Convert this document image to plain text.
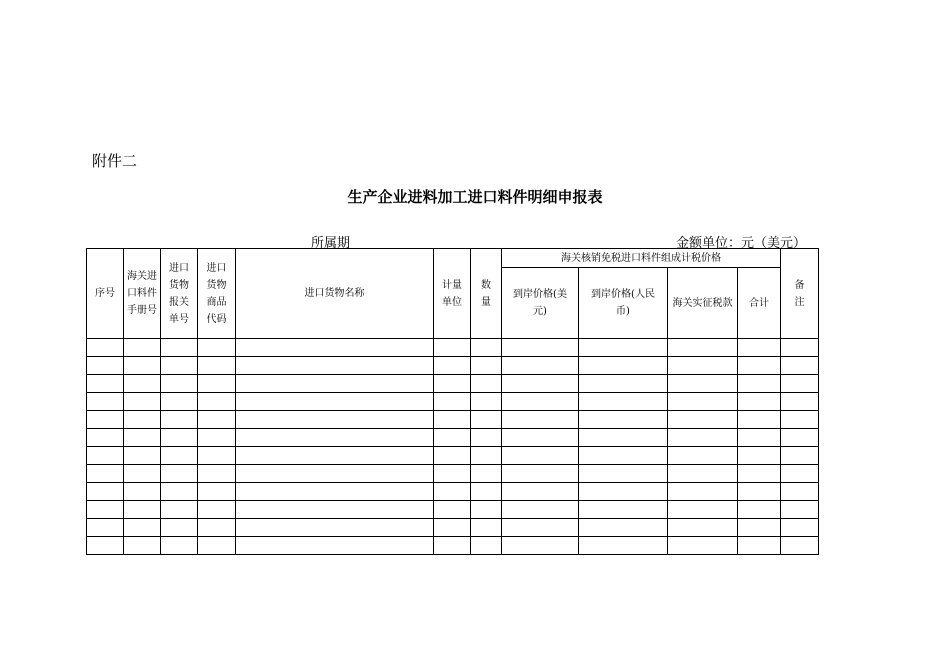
附件二
生产企业进料加工进口料件明细申报表
所属期	金额单位：元（美元）
序号	海关进口料件手册号	进口货物报关单号	进口货物商品代码	进口货物名称	计量单位	数量	海关核销免税进口料件组成计税价格				备注
							到岸价格(美元)	到岸价格(人民币)	海关实征税款	合计	
